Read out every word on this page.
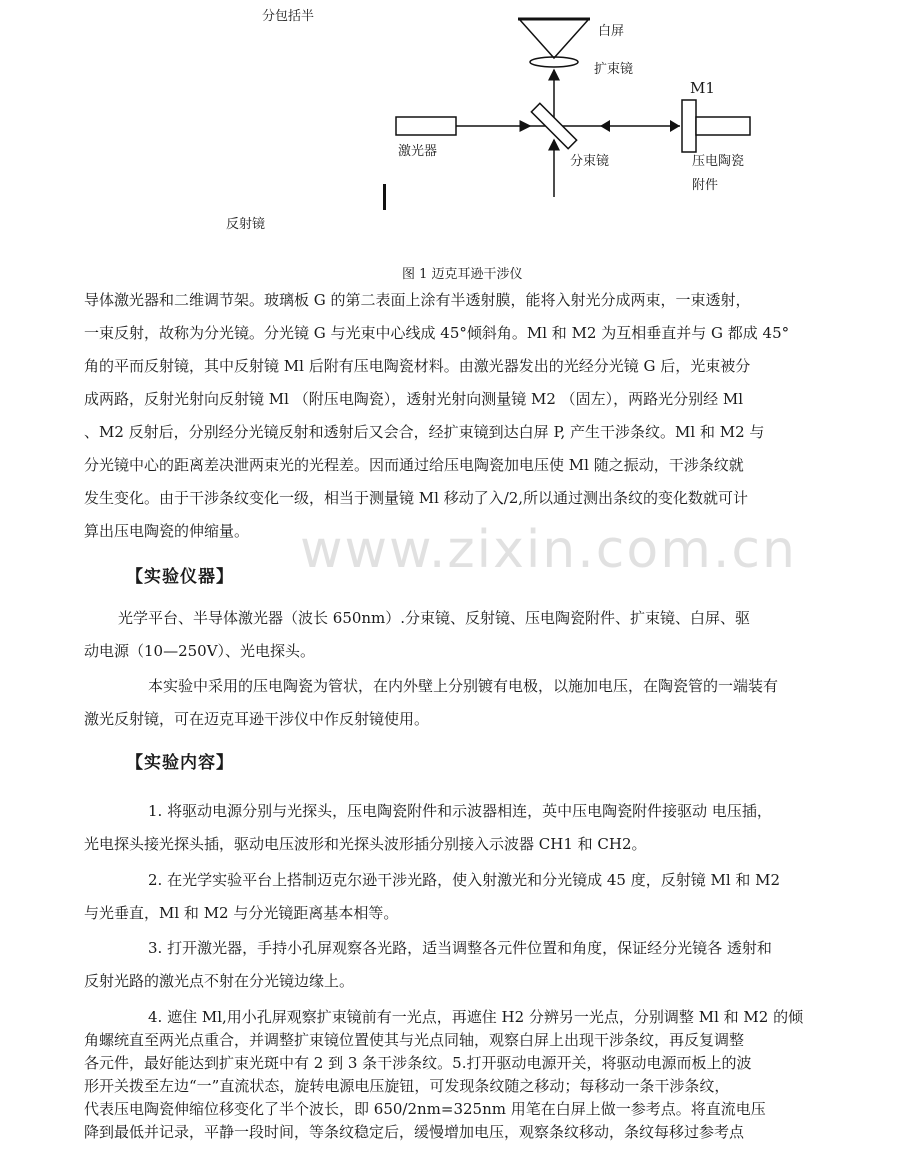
分包括半
反射镜
白屏
扩束镜
M1
激光器
分束镜	压电陶瓷
附件
图 1 迈克耳逊干涉仪
导体激光器和二维调节架。玻璃板 G 的第二表面上涂有半透射膜，能将入射光分成两束，一束透射，
一束反射，故称为分光镜。分光镜 G 与光束中心线成 45°倾斜角。Ml 和 M2 为互相垂直并与 G 都成 45°
角的平而反射镜，其中反射镜 Ml 后附有压电陶瓷材料。由激光器发出的光经分光镜 G 后，光束被分
成两路，反射光射向反射镜 Ml （附压电陶瓷），透射光射向测量镜 M2 （固左），两路光分别经 Ml
、M2 反射后，分别经分光镜反射和透射后又会合，经扩束镜到达白屏 P, 产生干涉条纹。Ml 和 M2 与
分光镜中心的距离差决泄两束光的光程差。因而通过给压电陶瓷加电压使 Ml 随之振动，干涉条纹就
发生变化。由于干涉条纹变化一级，相当于测量镜 Ml 移动了入/2,所以通过测出条纹的变化数就可计
算出压电陶瓷的伸缩量。 www.zixin.com.cn
【实验仪器】
光学平台、半导体激光器（波长 650nm）.分束镜、反射镜、压电陶瓷附件、扩束镜、白屏、驱
动电源（10—250V）、光电探头。
本实验中采用的压电陶瓷为管状，在内外壁上分别镀有电极，以施加电压，在陶瓷管的一端装有
激光反射镜，可在迈克耳逊干涉仪中作反射镜使用。
【实验内容】
1. 将驱动电源分别与光探头，压电陶瓷附件和示波器相连，英中压电陶瓷附件接驱动 电压插，
光电探头接光探头插，驱动电压波形和光探头波形插分别接入示波器 CH1 和 CH2。
2. 在光学实验平台上搭制迈克尔逊干涉光路，使入射激光和分光镜成 45 度，反射镜 Ml 和 M2
与光垂直，Ml 和 M2 与分光镜距离基本相等。
3. 打开激光器，手持小孔屏观察各光路，适当调整各元件位置和角度，保证经分光镜各 透射和
反射光路的激光点不射在分光镜边缘上。
4. 遮住 Ml,用小孔屏观察扩束镜前有一光点，再遮住 H2 分辨另一光点，分别调整 Ml 和 M2 的倾
角螺统直至两光点重合，并调整扩束镜位置使其与光点同轴，观察白屏上出现干涉条纹，再反复调整
各元件，最好能达到扩束光斑中有 2 到 3 条干涉条纹。5.打开驱动电源开关，将驱动电源而板上的波
形开关拨至左边“一”直流状态，旋转电源电压旋钮，可发现条纹随之移动；每移动一条干涉条纹，
代表压电陶瓷伸缩位移变化了半个波长，即 650/2nm=325nm 用笔在白屏上做一参考点。将直流电压
降到最低并记录，平静一段时间，等条纹稳定后，缓慢增加电压，观察条纹移动，条纹每移过参考点
